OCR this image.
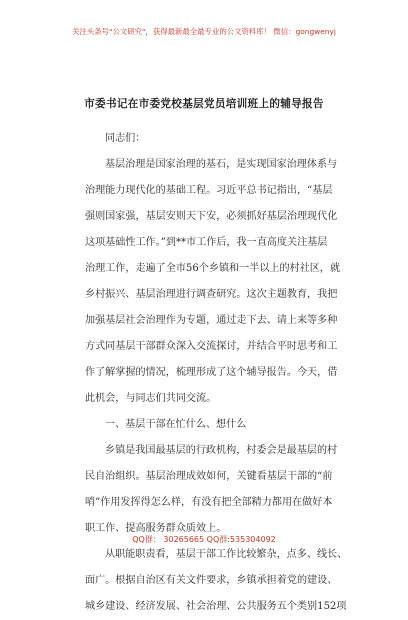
关注头条号"公文研究"，获得最新最全最专业的公文资料库！ 微信：gongwenyj
市委书记在市委党校基层党员培训班上的辅导报告
同志们：
基层治理是国家治理的基石，是实现国家治理体系与
治理能力现代化的基础工程。习近平总书记指出，“基层
强则国家强，基层安则天下安，必须抓好基层治理现代化
这项基础性工作。”到**市工作后，我一直高度关注基层
治理工作，走遍了全市56个乡镇和一半以上的村社区，就
乡村振兴、基层治理进行调查研究。这次主题教育，我把
加强基层社会治理作为专题，通过走下去、请上来等多种
方式同基层干部群众深入交流探讨，并结合平时思考和工
作了解掌握的情况，梳理形成了这个辅导报告。今天，借
此机会，与同志们共同交流。
一、基层干部在忙什么、想什么
乡镇是我国最基层的行政机构，村委会是最基层的村
民自治组织。基层治理成效如何，关键看基层干部的“前
哨”作用发挥得怎么样，有没有把全部精力都用在做好本
职工作、提高服务群众质效上。
从职能职责看，基层干部工作比较繁杂，点多、线长、
面广。根据自治区有关文件要求，乡镇承担着党的建设、
城乡建设、经济发展、社会治理、公共服务五个类别152项
QQ群： 30265665 QQ群:535304092
